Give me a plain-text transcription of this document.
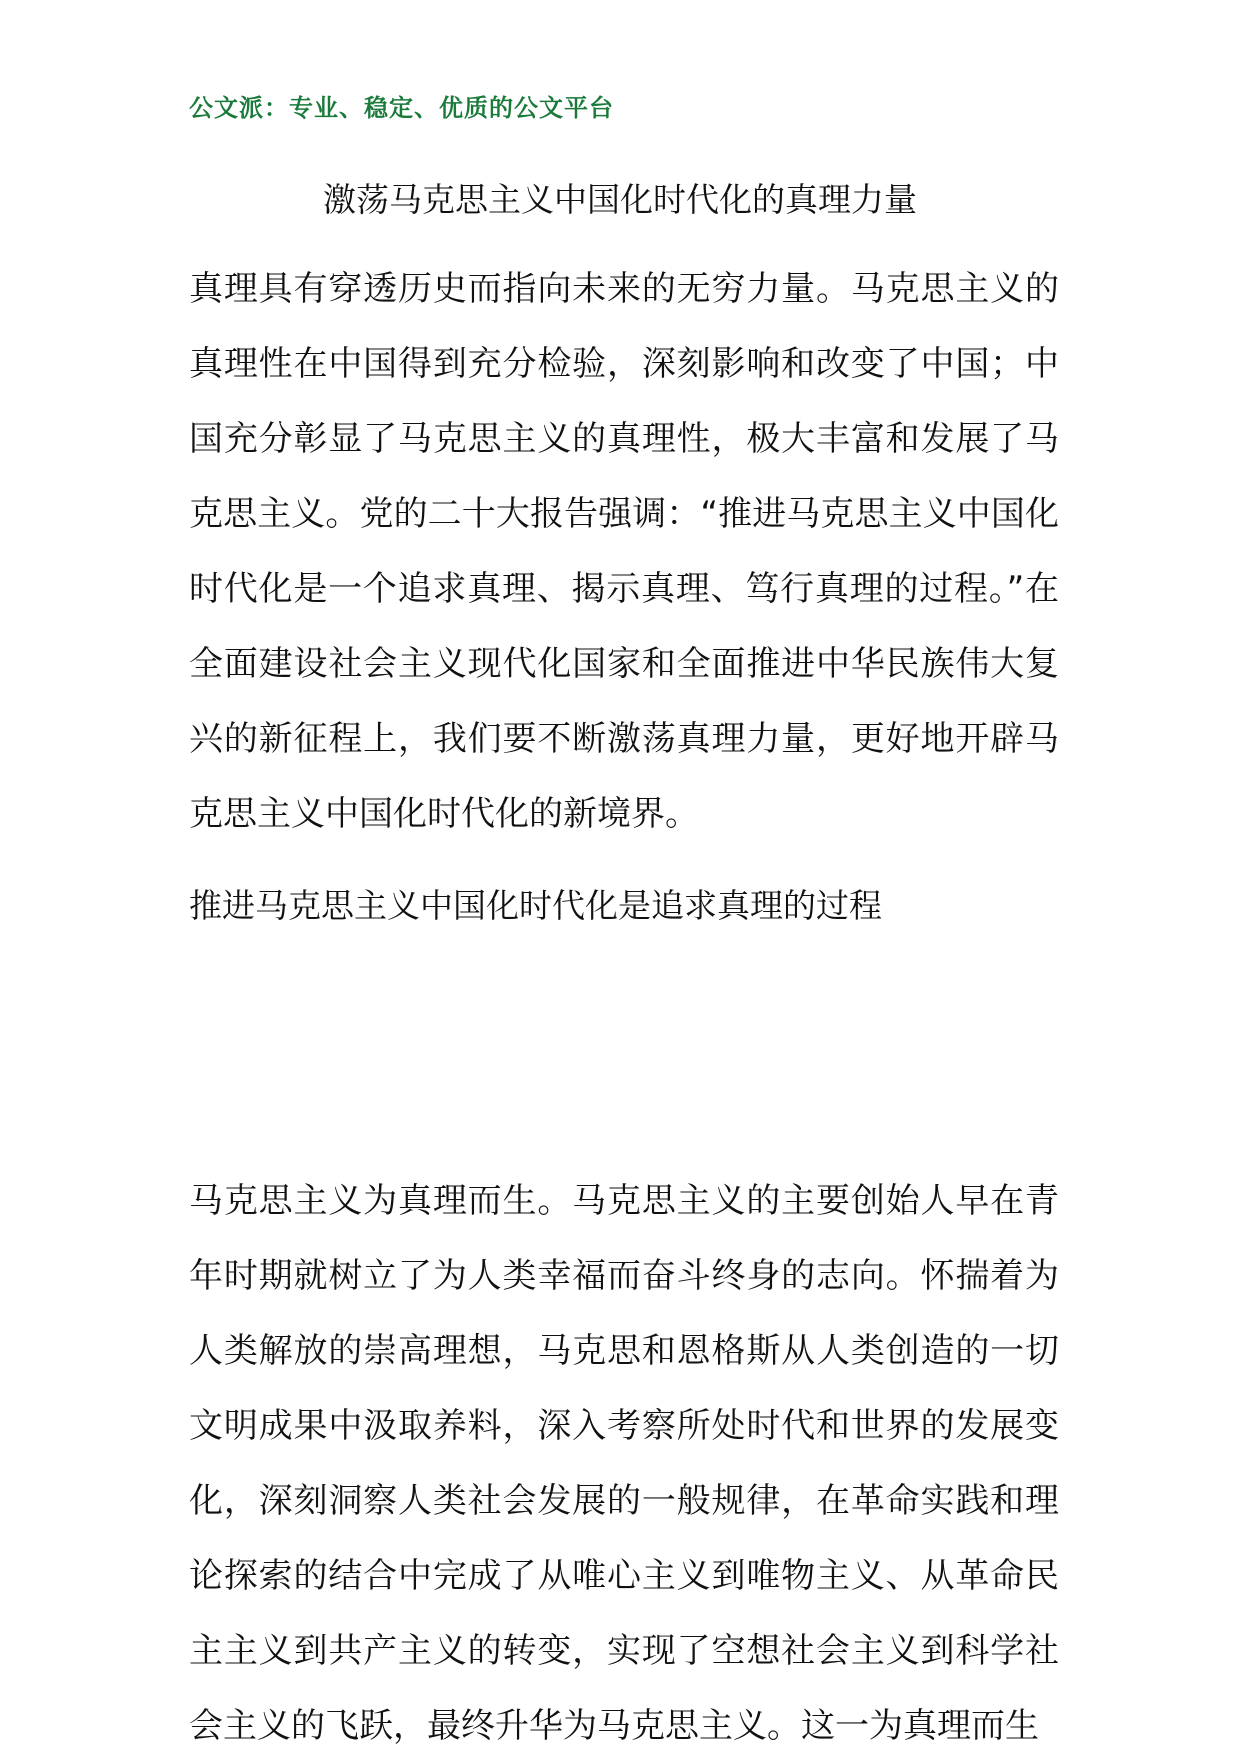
公文派：专业、稳定、优质的公文平台
激荡马克思主义中国化时代化的真理力量

真理具有穿透历史而指向未来的无穷力量。马克思主义的真理性在中国得到充分检验，深刻影响和改变了中国；中国充分彰显了马克思主义的真理性，极大丰富和发展了马克思主义。党的二十大报告强调：“推进马克思主义中国化时代化是一个追求真理、揭示真理、笃行真理的过程。”在全面建设社会主义现代化国家和全面推进中华民族伟大复兴的新征程上，我们要不断激荡真理力量，更好地开辟马克思主义中国化时代化的新境界。

推进马克思主义中国化时代化是追求真理的过程

马克思主义为真理而生。马克思主义的主要创始人早在青年时期就树立了为人类幸福而奋斗终身的志向。怀揣着为人类解放的崇高理想，马克思和恩格斯从人类创造的一切文明成果中汲取养料，深入考察所处时代和世界的发展变化，深刻洞察人类社会发展的一般规律，在革命实践和理论探索的结合中完成了从唯心主义到唯物主义、从革命民主主义到共产主义的转变，实现了空想社会主义到科学社会主义的飞跃，最终升华为马克思主义。这一为真理而生
